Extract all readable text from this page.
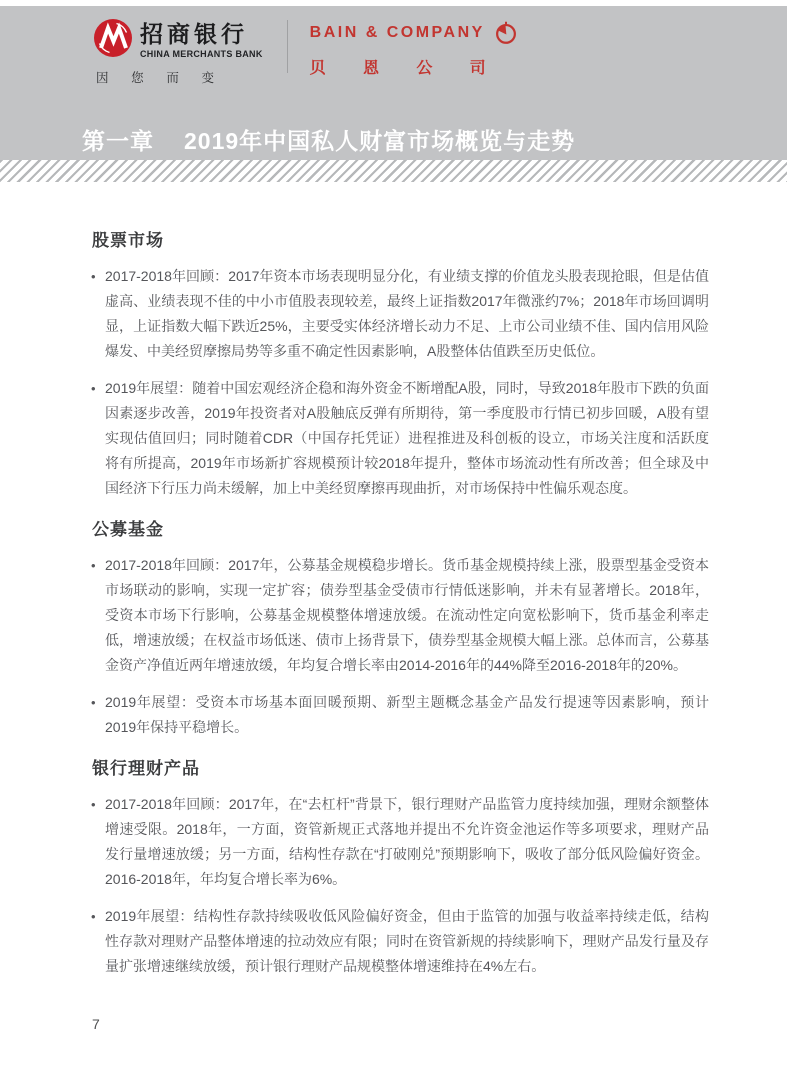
招商银行
CHINA MERCHANTS BANK
因您而变
BAIN & COMPANY
贝恩公司
第一章 2019年中国私人财富市场概览与走势
股票市场

• 2017-2018年回顾：2017年资本市场表现明显分化，有业绩支撑的价值龙头股表现抢眼，但是估值虚高、业绩表现不佳的中小市值股表现较差，最终上证指数2017年微涨约7%；2018年市场回调明显，上证指数大幅下跌近25%，主要受实体经济增长动力不足、上市公司业绩不佳、国内信用风险爆发、中美经贸摩擦局势等多重不确定性因素影响，A股整体估值跌至历史低位。

• 2019年展望：随着中国宏观经济企稳和海外资金不断增配A股，同时，导致2018年股市下跌的负面因素逐步改善，2019年投资者对A股触底反弹有所期待，第一季度股市行情已初步回暖，A股有望实现估值回归；同时随着CDR（中国存托凭证）进程推进及科创板的设立，市场关注度和活跃度将有所提高，2019年市场新扩容规模预计较2018年提升，整体市场流动性有所改善；但全球及中国经济下行压力尚未缓解，加上中美经贸摩擦再现曲折，对市场保持中性偏乐观态度。

公募基金

• 2017-2018年回顾：2017年，公募基金规模稳步增长。货币基金规模持续上涨，股票型基金受资本市场联动的影响，实现一定扩容；债券型基金受债市行情低迷影响，并未有显著增长。2018年，受资本市场下行影响，公募基金规模整体增速放缓。在流动性定向宽松影响下，货币基金利率走低，增速放缓；在权益市场低迷、债市上扬背景下，债券型基金规模大幅上涨。总体而言，公募基金资产净值近两年增速放缓，年均复合增长率由2014-2016年的44%降至2016-2018年的20%。

• 2019年展望：受资本市场基本面回暖预期、新型主题概念基金产品发行提速等因素影响，预计2019年保持平稳增长。

银行理财产品

• 2017-2018年回顾：2017年，在“去杠杆”背景下，银行理财产品监管力度持续加强，理财余额整体增速受限。2018年，一方面，资管新规正式落地并提出不允许资金池运作等多项要求，理财产品发行量增速放缓；另一方面，结构性存款在“打破刚兑”预期影响下，吸收了部分低风险偏好资金。2016-2018年，年均复合增长率为6%。

• 2019年展望：结构性存款持续吸收低风险偏好资金，但由于监管的加强与收益率持续走低，结构性存款对理财产品整体增速的拉动效应有限；同时在资管新规的持续影响下，理财产品发行量及存量扩张增速继续放缓，预计银行理财产品规模整体增速维持在4%左右。

7
